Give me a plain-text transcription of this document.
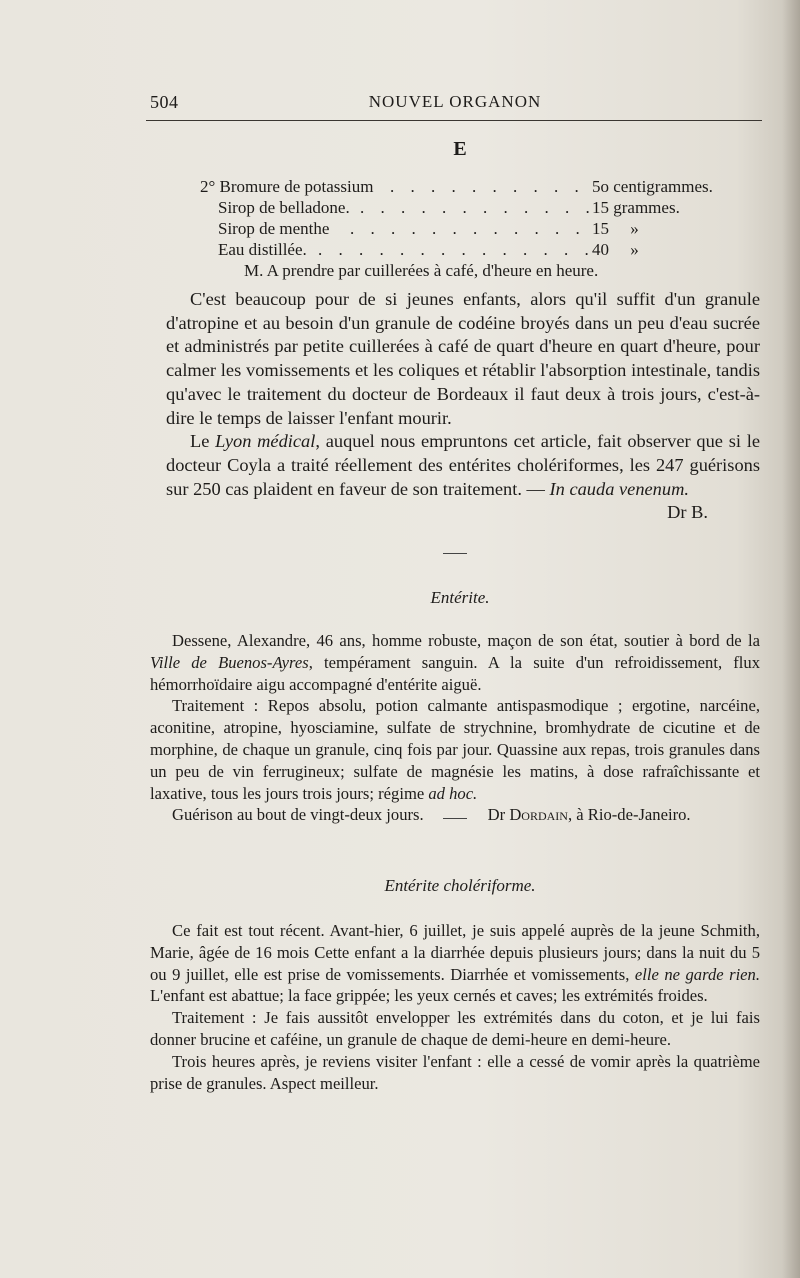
504	NOUVEL ORGANON
E
2° Bromure de potassium . . . . . . . . . . 5o centigrammes.
Sirop de belladone. . . . . . . . . . . . .
15 grammes.
Sirop de menthe . . . . . . . . . . . . 15     »
Eau distillée. . . . . . . . . . . . . . .
40     »
M. A prendre par cuillerées à café, d'heure en heure.

C'est beaucoup pour de si jeunes enfants, alors qu'il suffit d'un granule d'atropine et au besoin d'un granule de codéine broyés dans un peu d'eau sucrée et administrés par petite cuillerées à café de quart d'heure en quart d'heure, pour calmer les vomissements et les coliques et rétablir l'absorption intestinale, tandis qu'avec le traitement du docteur de Bordeaux il faut deux à trois jours, c'est-à-dire le temps de laisser l'enfant mourir.

Le Lyon médical, auquel nous empruntons cet article, fait observer que si le docteur Coyla a traité réellement des entérites cholériformes, les 247 guérisons sur 250 cas plaident en faveur de son traitement. — In cauda venenum.
Dr B.

Entérite.

Dessene, Alexandre, 46 ans, homme robuste, maçon de son état, soutier à bord de la Ville de Buenos-Ayres, tempérament sanguin. A la suite d'un refroidissement, flux hémorrhoïdaire aigu accompagné d'entérite aiguë.

Traitement : Repos absolu, potion calmante antispasmodique ; ergotine, narcéine, aconitine, atropine, hyosciamine, sulfate de strychnine, bromhydrate de cicutine et de morphine, de chaque un granule, cinq fois par jour. Quassine aux repas, trois granules dans un peu de vin ferrugineux; sulfate de magnésie les matins, à dose rafraîchissante et laxative, tous les jours trois jours; régime ad hoc.

Guérison au bout de vingt-deux jours.	Dr Dordain, à Rio-de-Janeiro.

Entérite cholériforme.

Ce fait est tout récent. Avant-hier, 6 juillet, je suis appelé auprès de la jeune Schmith, Marie, âgée de 16 mois Cette enfant a la diarrhée depuis plusieurs jours; dans la nuit du 5 ou 9 juillet, elle est prise de vomissements. Diarrhée et vomissements, elle ne garde rien. L'enfant est abattue; la face grippée; les yeux cernés et caves; les extrémités froides.

Traitement : Je fais aussitôt envelopper les extrémités dans du coton, et je lui fais donner brucine et caféine, un granule de chaque de demi-heure en demi-heure.

Trois heures après, je reviens visiter l'enfant : elle a cessé de vomir après la quatrième prise de granules. Aspect meilleur.
